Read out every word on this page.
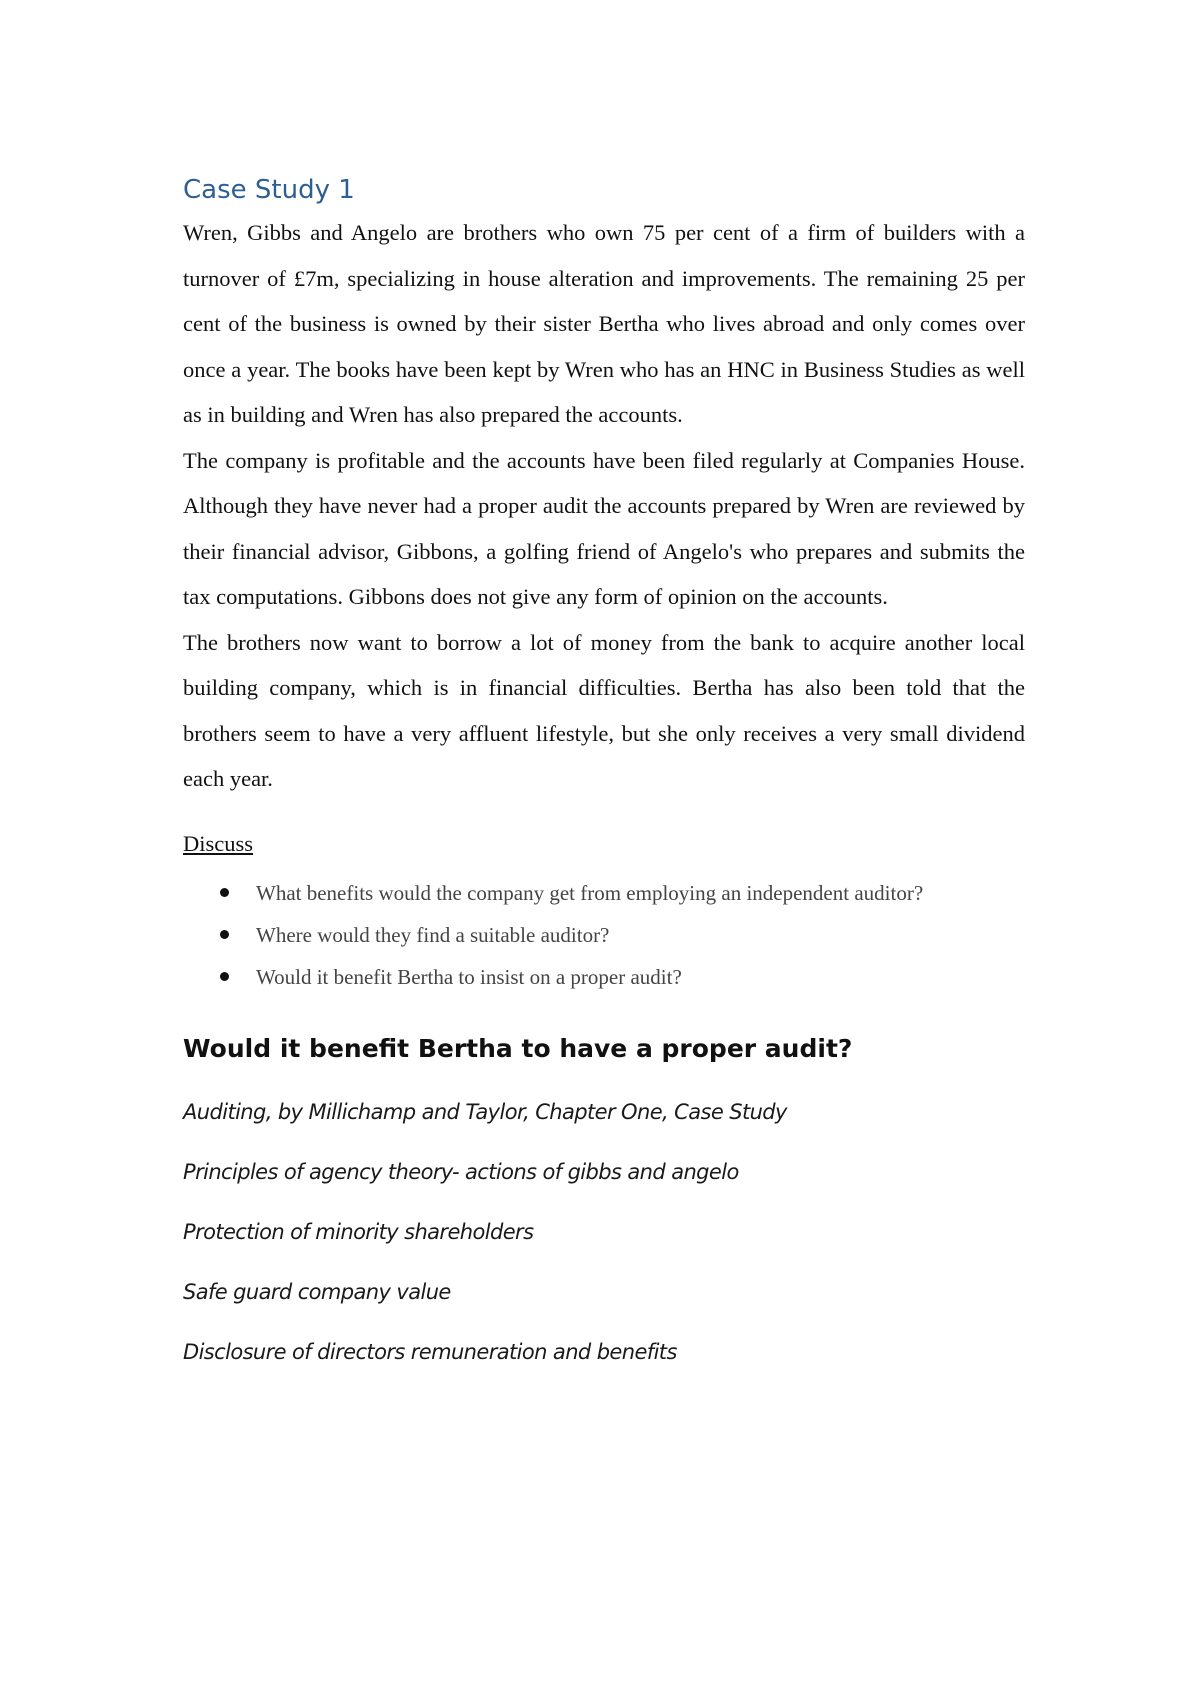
Case Study 1

Wren, Gibbs and Angelo are brothers who own 75 per cent of a firm of builders with a turnover of £7m, specializing in house alteration and improvements. The remaining 25 per cent of the business is owned by their sister Bertha who lives abroad and only comes over once a year. The books have been kept by Wren who has an HNC in Business Studies as well as in building and Wren has also prepared the accounts.

The company is profitable and the accounts have been filed regularly at Companies House. Although they have never had a proper audit the accounts prepared by Wren are reviewed by their financial advisor, Gibbons, a golfing friend of Angelo's who prepares and submits the tax computations. Gibbons does not give any form of opinion on the accounts.

The brothers now want to borrow a lot of money from the bank to acquire another local building company, which is in financial difficulties. Bertha has also been told that the brothers seem to have a very affluent lifestyle, but she only receives a very small dividend each year.

Discuss

What benefits would the company get from employing an independent auditor?
Where would they find a suitable auditor?
Would it benefit Bertha to insist on a proper audit?
Would it benefit Bertha to have a proper audit?
Auditing, by Millichamp and Taylor, Chapter One, Case Study
Principles of agency theory- actions of gibbs and angelo
Protection of minority shareholders
Safe guard company value
Disclosure of directors remuneration and benefits
